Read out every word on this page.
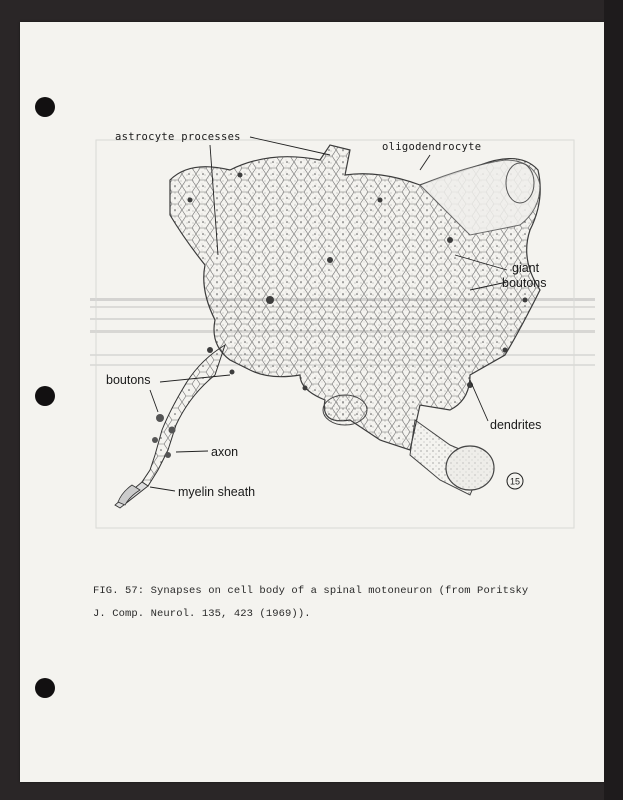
astrocyte processes
oligodendrocyte
giant
boutons
boutons
axon
myelin sheath
dendrites
15
FIG. 57: Synapses on cell body of a spinal motoneuron (from Poritsky
J. Comp. Neurol. 135, 423 (1969)).
